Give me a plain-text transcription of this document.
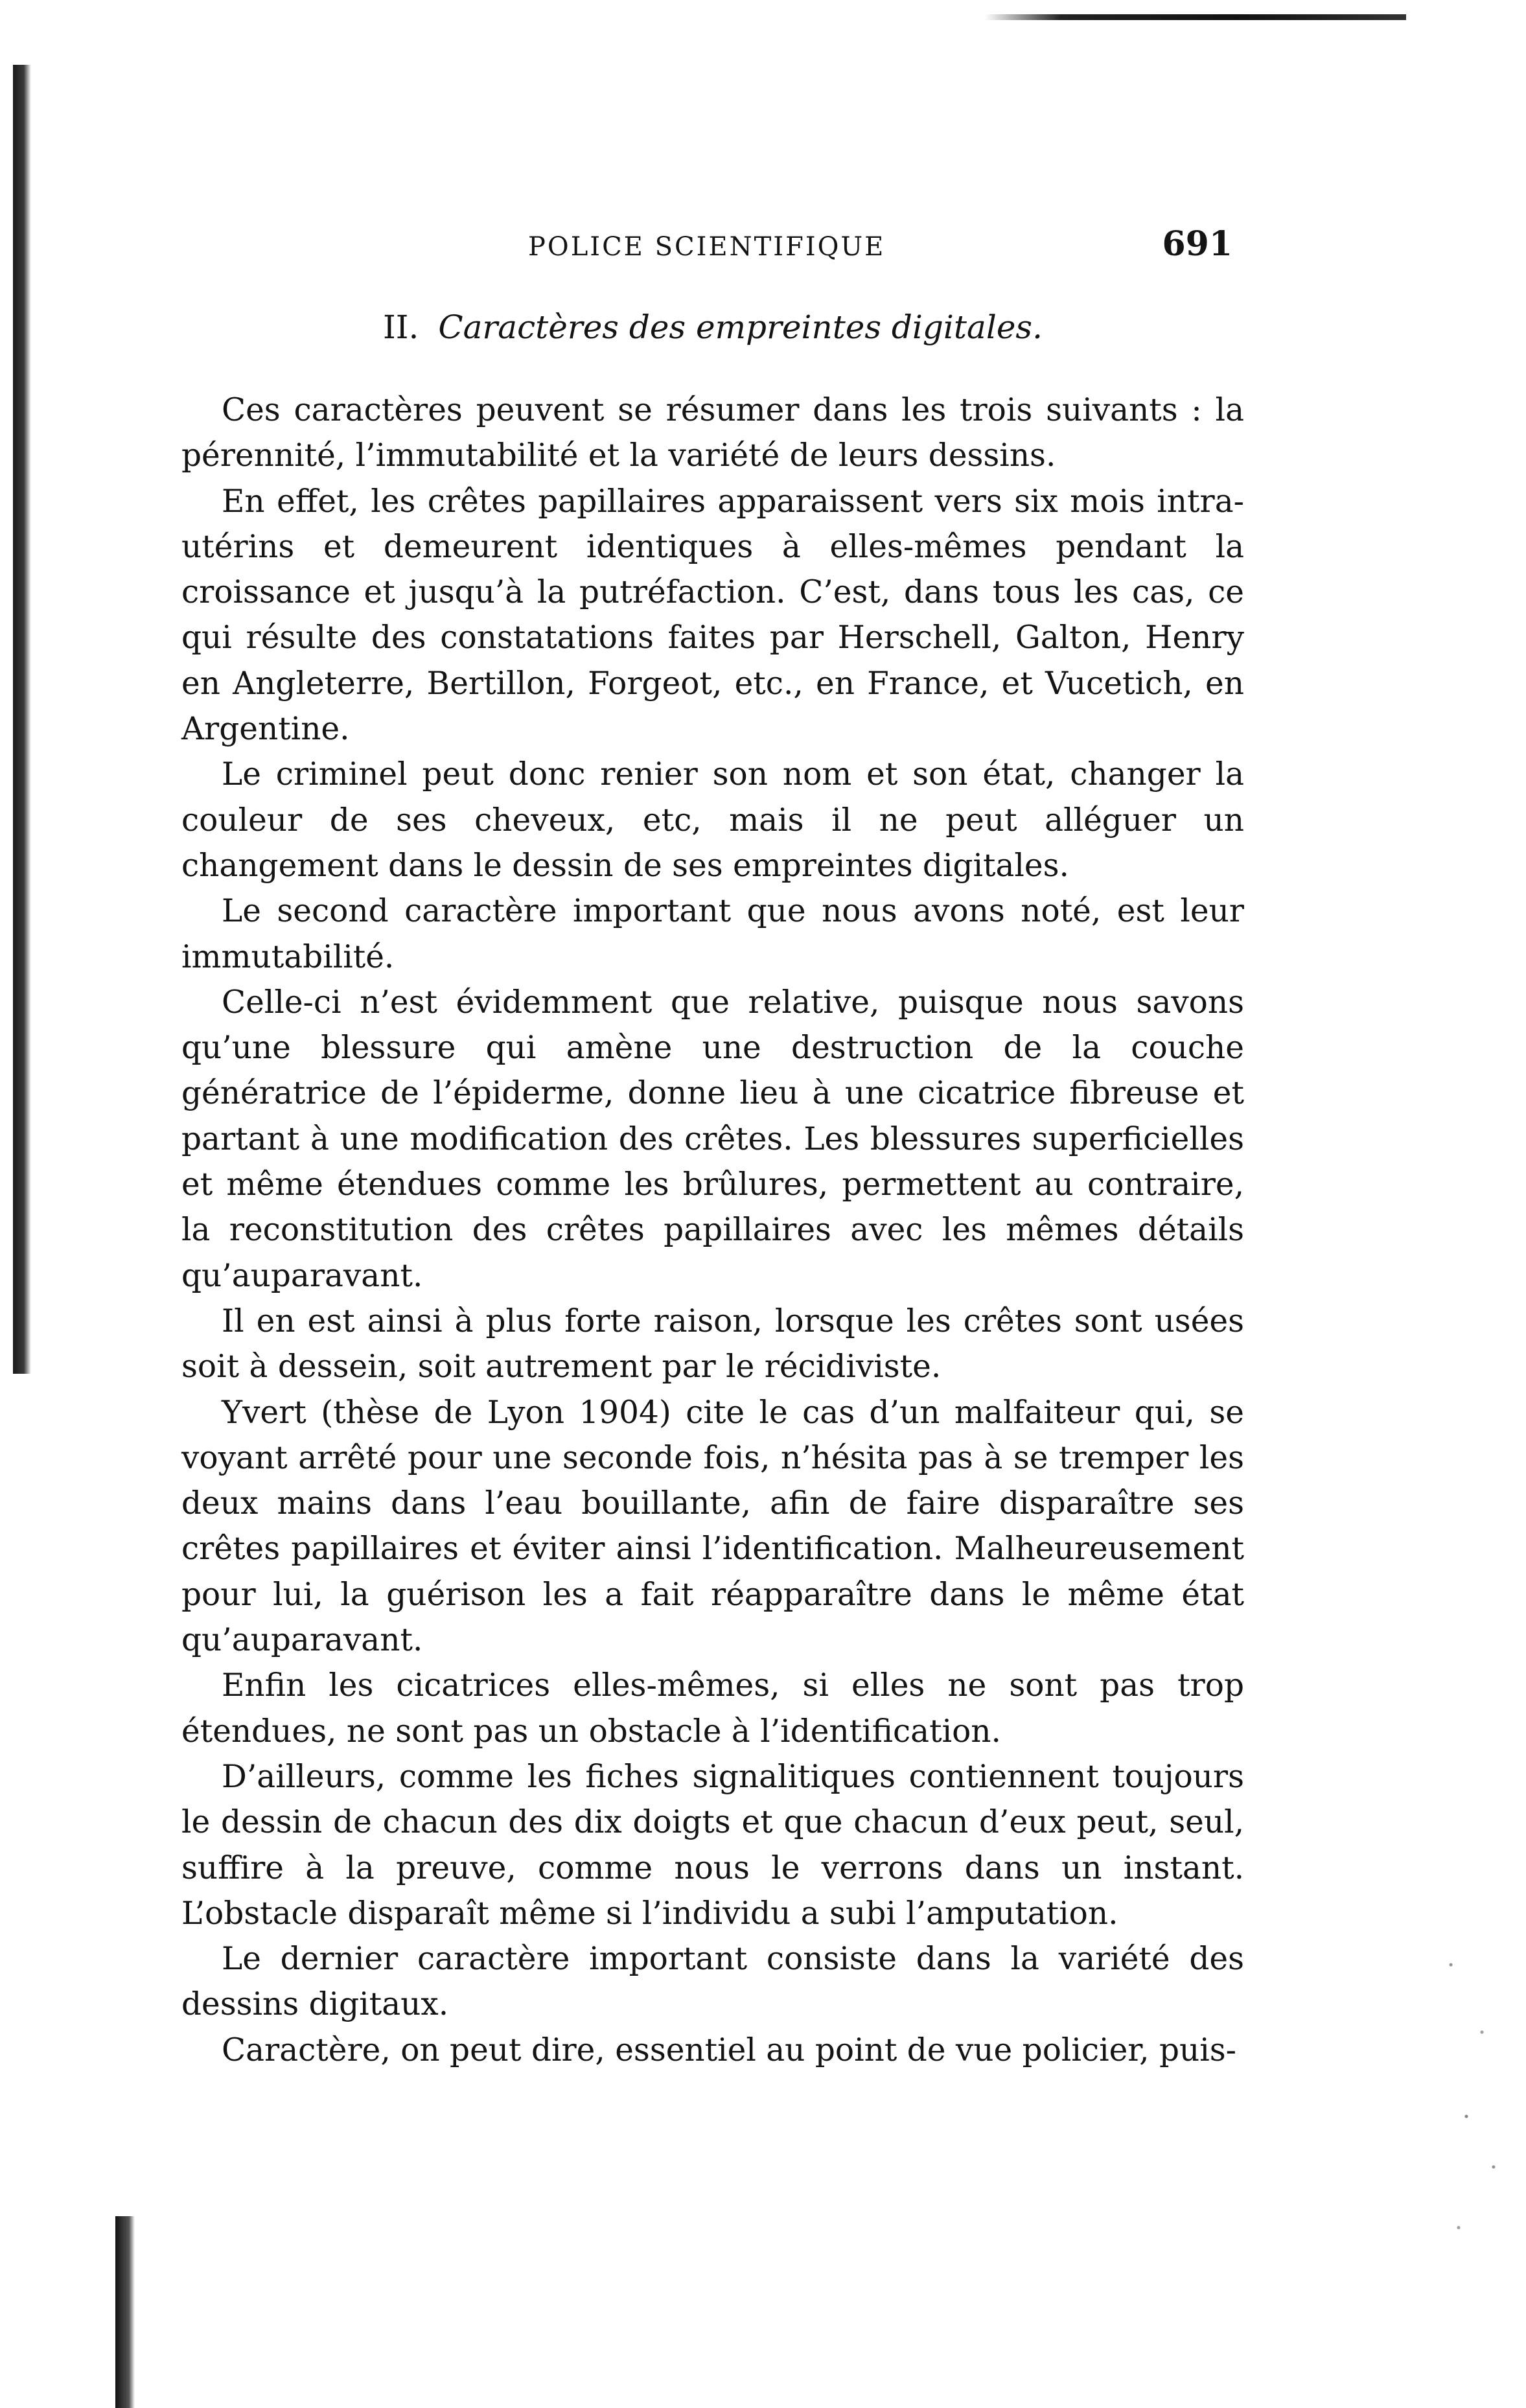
POLICE SCIENTIFIQUE	691
II. Caractères des empreintes digitales.

Ces caractères peuvent se résumer dans les trois suivants : la pérennité, l’immutabilité et la variété de leurs dessins.

En effet, les crêtes papillaires apparaissent vers six mois intra-utérins et demeurent identiques à elles-mêmes pendant la croissance et jusqu’à la putréfaction. C’est, dans tous les cas, ce qui résulte des constatations faites par Herschell, Galton, Henry en Angleterre, Bertillon, Forgeot, etc., en France, et Vucetich, en Argentine.

Le criminel peut donc renier son nom et son état, changer la couleur de ses cheveux, etc, mais il ne peut alléguer un changement dans le dessin de ses empreintes digitales.

Le second caractère important que nous avons noté, est leur immutabilité.

Celle-ci n’est évidemment que relative, puisque nous savons qu’une blessure qui amène une destruction de la couche génératrice de l’épiderme, donne lieu à une cicatrice fibreuse et partant à une modification des crêtes. Les blessures superficielles et même étendues comme les brûlures, permettent au contraire, la reconstitution des crêtes papillaires avec les mêmes détails qu’auparavant.

Il en est ainsi à plus forte raison, lorsque les crêtes sont usées soit à dessein, soit autrement par le récidiviste.

Yvert (thèse de Lyon 1904) cite le cas d’un malfaiteur qui, se voyant arrêté pour une seconde fois, n’hésita pas à se tremper les deux mains dans l’eau bouillante, afin de faire disparaître ses crêtes papillaires et éviter ainsi l’identification. Malheureusement pour lui, la guérison les a fait réapparaître dans le même état qu’auparavant.

Enfin les cicatrices elles-mêmes, si elles ne sont pas trop étendues, ne sont pas un obstacle à l’identification.

D’ailleurs, comme les fiches signalitiques contiennent toujours le dessin de chacun des dix doigts et que chacun d’eux peut, seul, suffire à la preuve, comme nous le verrons dans un instant. L’obstacle disparaît même si l’individu a subi l’amputation.

Le dernier caractère important consiste dans la variété des dessins digitaux.

Caractère, on peut dire, essentiel au point de vue policier, puis-
